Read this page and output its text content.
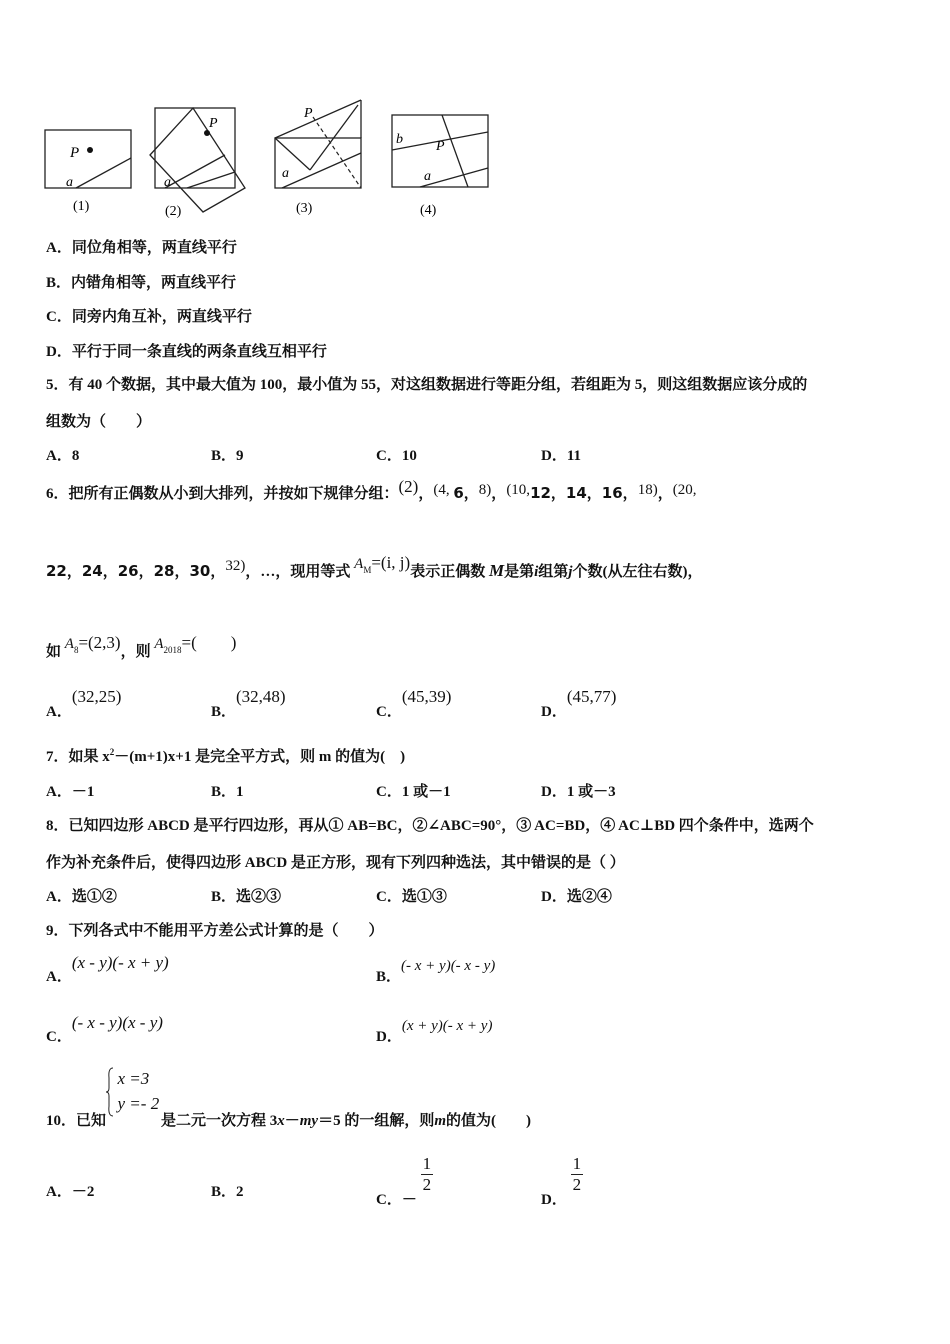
P
a
(1)
P
a
(2)
P
a
(3)
b P
a
(4)
A．同位角相等，两直线平行
B．内错角相等，两直线平行
C．同旁内角互补，两直线平行
D．平行于同一条直线的两条直线互相平行
5．有 40 个数据，其中最大值为 100，最小值为 55，对这组数据进行等距分组，若组距为 5，则这组数据应该分成的
组数为（　　）
A．8	B．9	C．10	D．11
6．把所有正偶数从小到大排列，并按如下规律分组：(2)，(4, 6，8)，(10,12，14，16，18)，(20,
22，24，26，28，30，32)，…，现用等式 $A^M=(i$, j)表示正偶数 M是第i组第j个数(从左往右数)，
如 $A^8=(2,3)$，则 $A^{2018}=$(　　)
A．(32,25)
B．(32,48)
C．(45,39)
D．(45,77)
7．如果 $x^2-(m+1)x+1$ 是完全平方式，则 m 的值为(　)
A．－1	B．1	C．1 或－1	D．1 或－3
8．已知四边形 ABCD 是平行四边形，再从① AB=BC，②∠ABC=90°，③ AC=BD，④ AC⊥BD 四个条件中，选两个
作为补充条件后，使得四边形 ABCD 是正方形，现有下列四种选法，其中错误的是（ ）
A．选①②	B．选②③	C．选①③	D．选②④
9．下列各式中不能用平方差公式计算的是（　　）
A．(x - y)(- x + y)
B．(- x + y)(- x - y)
C．(- x - y)(x - y)
D．(x + y)(- x + y)
10．已知
x =3
y =- 2
是二元一次方程 3x－my＝5 的一组解，则m的值为(　　)
A．－2	B．2	C．－
$\frac{1}{2}$
D．
$\frac{1}{2}$
